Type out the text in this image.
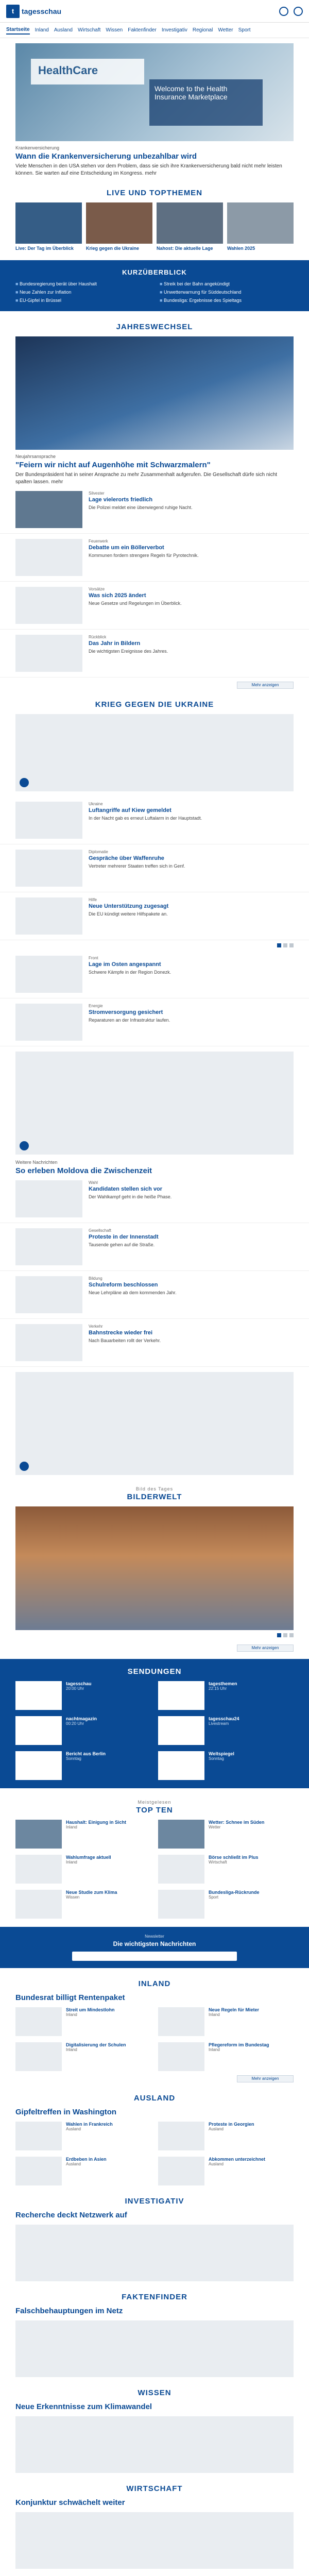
t	tagesschau
Startseite Inland Ausland Wirtschaft Wissen Faktenfinder Investigativ Regional Wetter Sport
HealthCare
Welcome to the Health Insurance Marketplace
Krankenversicherung
Wann die Krankenversicherung unbezahlbar wird
Viele Menschen in den USA stehen vor dem Problem, dass sie sich ihre Krankenversicherung bald nicht mehr leisten können. Sie warten auf eine Entscheidung im Kongress. mehr
LIVE UND TOPTHEMEN
Live: Der Tag im Überblick	Krieg gegen die Ukraine	Nahost: Die aktuelle Lage	Wahlen 2025
KURZÜBERBLICK
■ Bundesregierung berät über Haushalt	■ Streik bei der Bahn angekündigt
■ Neue Zahlen zur Inflation	■ Unwetterwarnung für Süddeutschland
■ EU-Gipfel in Brüssel	■ Bundesliga: Ergebnisse des Spieltags
JAHRESWECHSEL
Neujahrsansprache
"Feiern wir nicht auf Augenhöhe mit Schwarzmalern"
Der Bundespräsident hat in seiner Ansprache zu mehr Zusammenhalt aufgerufen. Die Gesellschaft dürfe sich nicht spalten lassen. mehr
Silvester
Lage vielerorts friedlich
Die Polizei meldet eine überwiegend ruhige Nacht.
Feuerwerk
Debatte um ein Böllerverbot
Kommunen fordern strengere Regeln für Pyrotechnik.
Vorsätze
Was sich 2025 ändert
Neue Gesetze und Regelungen im Überblick.
Rückblick
Das Jahr in Bildern
Die wichtigsten Ereignisse des Jahres.
Mehr anzeigen
KRIEG GEGEN DIE UKRAINE
Ukraine
Luftangriffe auf Kiew gemeldet
In der Nacht gab es erneut Luftalarm in der Hauptstadt.
Diplomatie
Gespräche über Waffenruhe
Vertreter mehrerer Staaten treffen sich in Genf.
Hilfe
Neue Unterstützung zugesagt
Die EU kündigt weitere Hilfspakete an.
Front
Lage im Osten angespannt
Schwere Kämpfe in der Region Donezk.
Energie
Stromversorgung gesichert
Reparaturen an der Infrastruktur laufen.
Weitere Nachrichten
So erleben Moldova die Zwischenzeit
Wahl
Kandidaten stellen sich vor
Der Wahlkampf geht in die heiße Phase.
Gesellschaft
Proteste in der Innenstadt
Tausende gehen auf die Straße.
Bildung
Schulreform beschlossen
Neue Lehrpläne ab dem kommenden Jahr.
Verkehr
Bahnstrecke wieder frei
Nach Bauarbeiten rollt der Verkehr.
Bild des Tages
BILDERWELT
Mehr anzeigen
SENDUNGEN
tagesschau
20:00 Uhr
tagesthemen
22:15 Uhr
nachtmagazin
00:20 Uhr
tagesschau24
Livestream
Bericht aus Berlin
Sonntag
Weltspiegel
Sonntag
Meistgelesen
TOP TEN
Haushalt: Einigung in Sicht
Inland
Wetter: Schnee im Süden
Wetter
Wahlumfrage aktuell
Inland
Börse schließt im Plus
Wirtschaft
Neue Studie zum Klima
Wissen
Bundesliga-Rückrunde
Sport
Newsletter
Die wichtigsten Nachrichten
INLAND
Bundesrat billigt Rentenpaket
Streit um Mindestlohn
Inland
Neue Regeln für Mieter
Inland
Digitalisierung der Schulen
Inland
Pflegereform im Bundestag
Inland
Mehr anzeigen
AUSLAND
Gipfeltreffen in Washington
Wahlen in Frankreich
Ausland
Proteste in Georgien
Ausland
Erdbeben in Asien
Ausland
Abkommen unterzeichnet
Ausland
INVESTIGATIV
Recherche deckt Netzwerk auf
FAKTENFINDER
Falschbehauptungen im Netz
WISSEN
Neue Erkenntnisse zum Klimawandel
WIRTSCHAFT
Konjunktur schwächelt weiter
